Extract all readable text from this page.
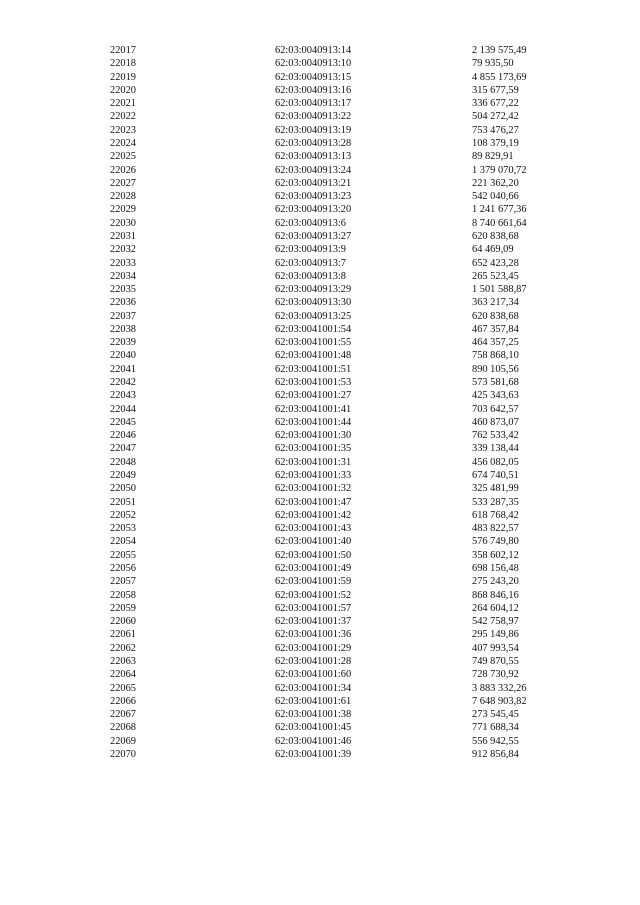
22017	62:03:0040913:14	2 139 575,49
22018	62:03:0040913:10	79 935,50
22019	62:03:0040913:15	4 855 173,69
22020	62:03:0040913:16	315 677,59
22021	62:03:0040913:17	336 677,22
22022	62:03:0040913:22	504 272,42
22023	62:03:0040913:19	753 476,27
22024	62:03:0040913:28	108 379,19
22025	62:03:0040913:13	89 829,91
22026	62:03:0040913:24	1 379 070,72
22027	62:03:0040913:21	221 362,20
22028	62:03:0040913:23	542 040,66
22029	62:03:0040913:20	1 241 677,36
22030	62:03:0040913:6	8 740 661,64
22031	62:03:0040913:27	620 838,68
22032	62:03:0040913:9	64 469,09
22033	62:03:0040913:7	652 423,28
22034	62:03:0040913:8	265 523,45
22035	62:03:0040913:29	1 501 588,87
22036	62:03:0040913:30	363 217,34
22037	62:03:0040913:25	620 838,68
22038	62:03:0041001:54	467 357,84
22039	62:03:0041001:55	464 357,25
22040	62:03:0041001:48	758 868,10
22041	62:03:0041001:51	890 105,56
22042	62:03:0041001:53	573 581,68
22043	62:03:0041001:27	425 343,63
22044	62:03:0041001:41	703 642,57
22045	62:03:0041001:44	460 873,07
22046	62:03:0041001:30	762 533,42
22047	62:03:0041001:35	339 138,44
22048	62:03:0041001:31	456 082,05
22049	62:03:0041001:33	674 740,51
22050	62:03:0041001:32	325 481,99
22051	62:03:0041001:47	533 287,35
22052	62:03:0041001:42	618 768,42
22053	62:03:0041001:43	483 822,57
22054	62:03:0041001:40	576 749,80
22055	62:03:0041001:50	358 602,12
22056	62:03:0041001:49	698 156,48
22057	62:03:0041001:59	275 243,20
22058	62:03:0041001:52	868 846,16
22059	62:03:0041001:57	264 604,12
22060	62:03:0041001:37	542 758,97
22061	62:03:0041001:36	295 149,86
22062	62:03:0041001:29	407 993,54
22063	62:03:0041001:28	749 870,55
22064	62:03:0041001:60	728 730,92
22065	62:03:0041001:34	3 883 332,26
22066	62:03:0041001:61	7 648 903,82
22067	62:03:0041001:38	273 545,45
22068	62:03:0041001:45	771 688,34
22069	62:03:0041001:46	556 942,55
22070	62:03:0041001:39	912 856,84
